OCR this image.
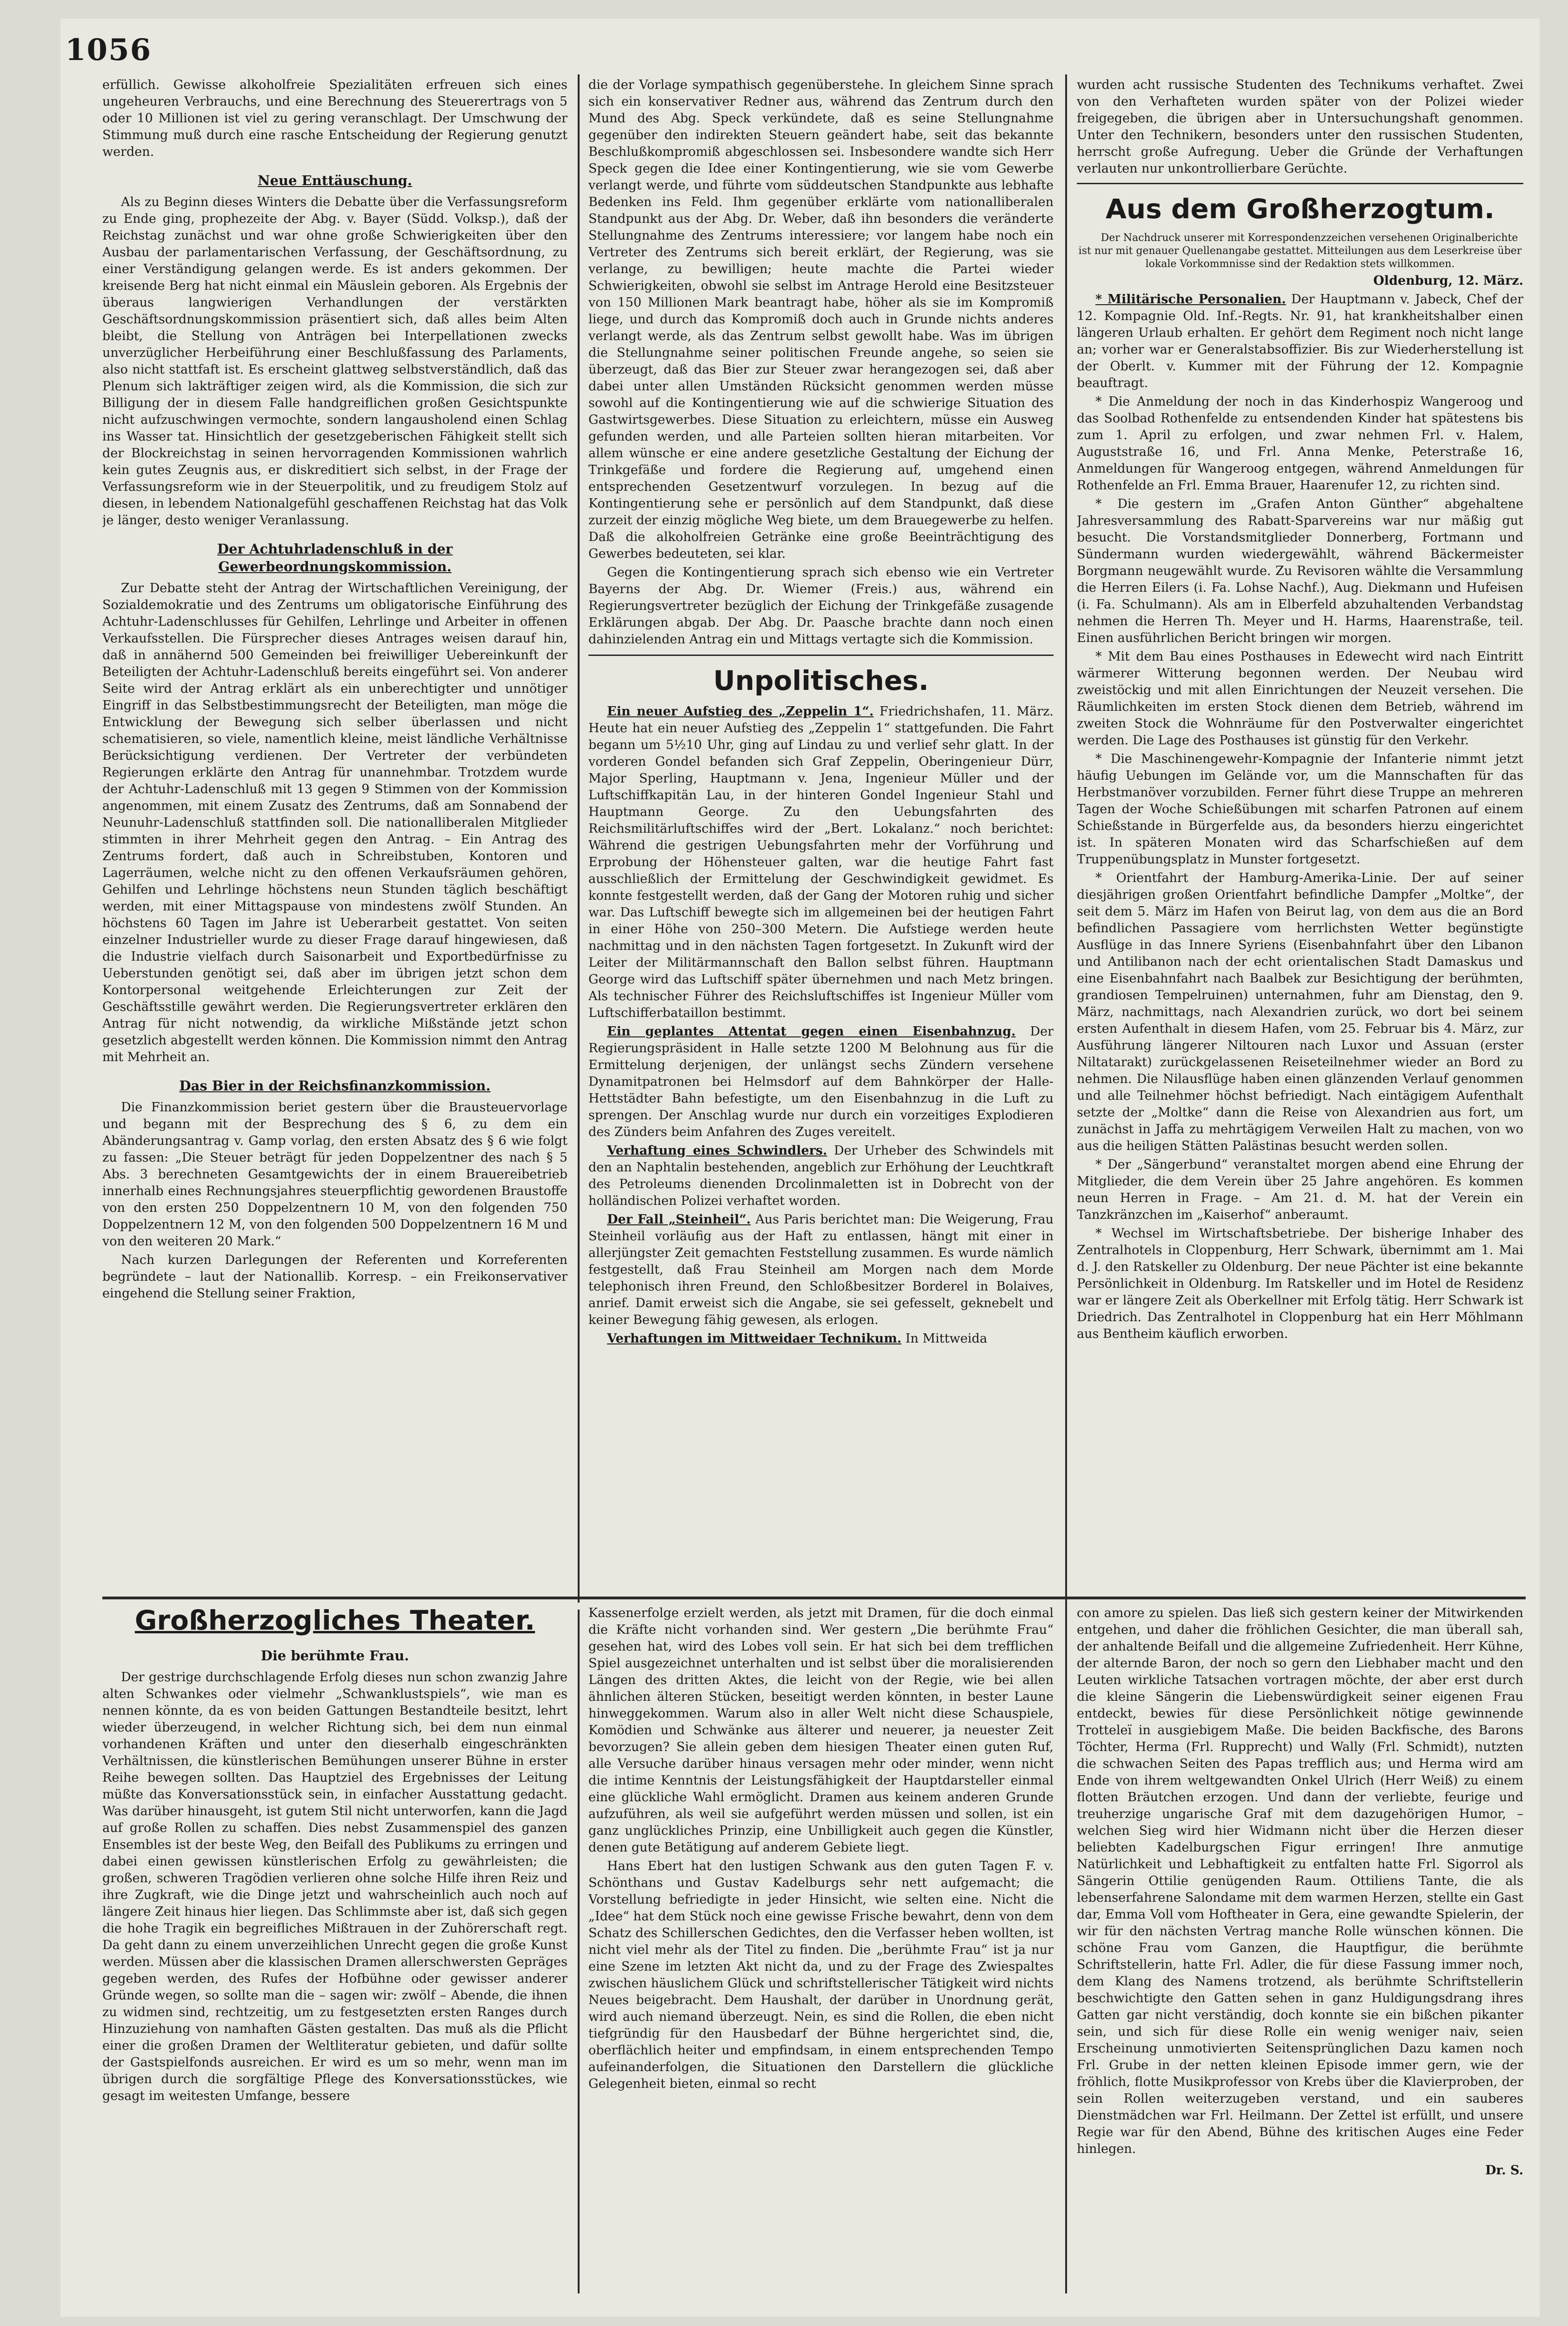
1056

erfüllich. Gewisse alkoholfreie Spezialitäten erfreuen sich eines ungeheuren Verbrauchs, und eine Berechnung des Steuerertrags von 5 oder 10 Millionen ist viel zu gering veranschlagt. Der Umschwung der Stimmung muß durch eine rasche Entscheidung der Regierung genutzt werden.

Neue Enttäuschung.

Als zu Beginn dieses Winters die Debatte über die Verfassungsreform zu Ende ging, prophezeite der Abg. v. Bayer (Südd. Volksp.), daß der Reichstag zunächst und war ohne große Schwierigkeiten über den Ausbau der parlamentarischen Verfassung, der Geschäftsordnung, zu einer Verständigung gelangen werde. Es ist anders gekommen. Der kreisende Berg hat nicht einmal ein Mäuslein geboren. Als Ergebnis der überaus langwierigen Verhandlungen der verstärkten Geschäftsordnungskommission präsentiert sich, daß alles beim Alten bleibt, die Stellung von Anträgen bei Interpellationen zwecks unverzüglicher Herbeiführung einer Beschlußfassung des Parlaments, also nicht stattfaft ist. Es erscheint glattweg selbstverständlich, daß das Plenum sich lakträftiger zeigen wird, als die Kommission, die sich zur Billigung der in diesem Falle handgreiflichen großen Gesichtspunkte nicht aufzuschwingen vermochte, sondern langausholend einen Schlag ins Wasser tat. Hinsichtlich der gesetzgeberischen Fähigkeit stellt sich der Blockreichstag in seinen hervorragenden Kommissionen wahrlich kein gutes Zeugnis aus, er diskreditiert sich selbst, in der Frage der Verfassungsreform wie in der Steuerpolitik, und zu freudigem Stolz auf diesen, in lebendem Nationalgefühl geschaffenen Reichstag hat das Volk je länger, desto weniger Veranlassung.

Der Achtuhrladenschluß in der Gewerbeordnungskommission.

Zur Debatte steht der Antrag der Wirtschaftlichen Vereinigung, der Sozialdemokratie und des Zentrums um obligatorische Einführung des Achtuhr-Ladenschlusses für Gehilfen, Lehrlinge und Arbeiter in offenen Verkaufsstellen. Die Fürsprecher dieses Antrages weisen darauf hin, daß in annähernd 500 Gemeinden bei freiwilliger Uebereinkunft der Beteiligten der Achtuhr-Ladenschluß bereits eingeführt sei. Von anderer Seite wird der Antrag erklärt als ein unberechtigter und unnötiger Eingriff in das Selbstbestimmungsrecht der Beteiligten, man möge die Entwicklung der Bewegung sich selber überlassen und nicht schematisieren, so viele, namentlich kleine, meist ländliche Verhältnisse Berücksichtigung verdienen. Der Vertreter der verbündeten Regierungen erklärte den Antrag für unannehmbar. Trotzdem wurde der Achtuhr-Ladenschluß mit 13 gegen 9 Stimmen von der Kommission angenommen, mit einem Zusatz des Zentrums, daß am Sonnabend der Neunuhr-Ladenschluß stattfinden soll. Die nationalliberalen Mitglieder stimmten in ihrer Mehrheit gegen den Antrag. – Ein Antrag des Zentrums fordert, daß auch in Schreibstuben, Kontoren und Lagerräumen, welche nicht zu den offenen Verkaufsräumen gehören, Gehilfen und Lehrlinge höchstens neun Stunden täglich beschäftigt werden, mit einer Mittagspause von mindestens zwölf Stunden. An höchstens 60 Tagen im Jahre ist Ueberarbeit gestattet. Von seiten einzelner Industrieller wurde zu dieser Frage darauf hingewiesen, daß die Industrie vielfach durch Saisonarbeit und Exportbedürfnisse zu Ueberstunden genötigt sei, daß aber im übrigen jetzt schon dem Kontorpersonal weitgehende Erleichterungen zur Zeit der Geschäftsstille gewährt werden. Die Regierungsvertreter erklären den Antrag für nicht notwendig, da wirkliche Mißstände jetzt schon gesetzlich abgestellt werden können. Die Kommission nimmt den Antrag mit Mehrheit an.

Das Bier in der Reichsfinanzkommission.

Die Finanzkommission beriet gestern über die Brausteuervorlage und begann mit der Besprechung des § 6, zu dem ein Abänderungsantrag v. Gamp vorlag, den ersten Absatz des § 6 wie folgt zu fassen: „Die Steuer beträgt für jeden Doppelzentner des nach § 5 Abs. 3 berechneten Gesamtgewichts der in einem Brauereibetrieb innerhalb eines Rechnungsjahres steuerpflichtig gewordenen Braustoffe von den ersten 250 Doppelzentnern 10 M, von den folgenden 750 Doppelzentnern 12 M, von den folgenden 500 Doppelzentnern 16 M und von den weiteren 20 Mark.“

Nach kurzen Darlegungen der Referenten und Korreferenten begründete – laut der Nationallib. Korresp. – ein Freikonservativer eingehend die Stellung seiner Fraktion,

die der Vorlage sympathisch gegenüberstehe. In gleichem Sinne sprach sich ein konservativer Redner aus, während das Zentrum durch den Mund des Abg. Speck verkündete, daß es seine Stellungnahme gegenüber den indirekten Steuern geändert habe, seit das bekannte Beschlußkompromiß abgeschlossen sei. Insbesondere wandte sich Herr Speck gegen die Idee einer Kontingentierung, wie sie vom Gewerbe verlangt werde, und führte vom süddeutschen Standpunkte aus lebhafte Bedenken ins Feld. Ihm gegenüber erklärte vom nationalliberalen Standpunkt aus der Abg. Dr. Weber, daß ihn besonders die veränderte Stellungnahme des Zentrums interessiere; vor langem habe noch ein Vertreter des Zentrums sich bereit erklärt, der Regierung, was sie verlange, zu bewilligen; heute machte die Partei wieder Schwierigkeiten, obwohl sie selbst im Antrage Herold eine Besitzsteuer von 150 Millionen Mark beantragt habe, höher als sie im Kompromiß liege, und durch das Kompromiß doch auch in Grunde nichts anderes verlangt werde, als das Zentrum selbst gewollt habe. Was im übrigen die Stellungnahme seiner politischen Freunde angehe, so seien sie überzeugt, daß das Bier zur Steuer zwar herangezogen sei, daß aber dabei unter allen Umständen Rücksicht genommen werden müsse sowohl auf die Kontingentierung wie auf die schwierige Situation des Gastwirtsgewerbes. Diese Situation zu erleichtern, müsse ein Ausweg gefunden werden, und alle Parteien sollten hieran mitarbeiten. Vor allem wünsche er eine andere gesetzliche Gestaltung der Eichung der Trinkgefäße und fordere die Regierung auf, umgehend einen entsprechenden Gesetzentwurf vorzulegen. In bezug auf die Kontingentierung sehe er persönlich auf dem Standpunkt, daß diese zurzeit der einzig mögliche Weg biete, um dem Brauegewerbe zu helfen. Daß die alkoholfreien Getränke eine große Beeinträchtigung des Gewerbes bedeuteten, sei klar.

Gegen die Kontingentierung sprach sich ebenso wie ein Vertreter Bayerns der Abg. Dr. Wiemer (Freis.) aus, während ein Regierungsvertreter bezüglich der Eichung der Trinkgefäße zusagende Erklärungen abgab. Der Abg. Dr. Paasche brachte dann noch einen dahinzielenden Antrag ein und Mittags vertagte sich die Kommission.

Unpolitisches.

Ein neuer Aufstieg des „Zeppelin 1“. Friedrichshafen, 11. März. Heute hat ein neuer Aufstieg des „Zeppelin 1“ stattgefunden. Die Fahrt begann um 5½10 Uhr, ging auf Lindau zu und verlief sehr glatt. In der vorderen Gondel befanden sich Graf Zeppelin, Oberingenieur Dürr, Major Sperling, Hauptmann v. Jena, Ingenieur Müller und der Luftschiffkapitän Lau, in der hinteren Gondel Ingenieur Stahl und Hauptmann George. Zu den Uebungsfahrten des Reichsmilitärluftschiffes wird der „Bert. Lokalanz.“ noch berichtet: Während die gestrigen Uebungsfahrten mehr der Vorführung und Erprobung der Höhensteuer galten, war die heutige Fahrt fast ausschließlich der Ermittelung der Geschwindigkeit gewidmet. Es konnte festgestellt werden, daß der Gang der Motoren ruhig und sicher war. Das Luftschiff bewegte sich im allgemeinen bei der heutigen Fahrt in einer Höhe von 250–300 Metern. Die Aufstiege werden heute nachmittag und in den nächsten Tagen fortgesetzt. In Zukunft wird der Leiter der Militärmannschaft den Ballon selbst führen. Hauptmann George wird das Luftschiff später übernehmen und nach Metz bringen. Als technischer Führer des Reichsluftschiffes ist Ingenieur Müller vom Luftschifferbataillon bestimmt.

Ein geplantes Attentat gegen einen Eisenbahnzug. Der Regierungspräsident in Halle setzte 1200 M Belohnung aus für die Ermittelung derjenigen, der unlängst sechs Zündern versehene Dynamitpatronen bei Helmsdorf auf dem Bahnkörper der Halle-Hettstädter Bahn befestigte, um den Eisenbahnzug in die Luft zu sprengen. Der Anschlag wurde nur durch ein vorzeitiges Explodieren des Zünders beim Anfahren des Zuges vereitelt.

Verhaftung eines Schwindlers. Der Urheber des Schwindels mit den an Naphtalin bestehenden, angeblich zur Erhöhung der Leuchtkraft des Petroleums dienenden Drcolinmaletten ist in Dobrecht von der holländischen Polizei verhaftet worden.

Der Fall „Steinheil“. Aus Paris berichtet man: Die Weigerung, Frau Steinheil vorläufig aus der Haft zu entlassen, hängt mit einer in allerjüngster Zeit gemachten Feststellung zusammen. Es wurde nämlich festgestellt, daß Frau Steinheil am Morgen nach dem Morde telephonisch ihren Freund, den Schloßbesitzer Borderel in Bolaives, anrief. Damit erweist sich die Angabe, sie sei gefesselt, geknebelt und keiner Bewegung fähig gewesen, als erlogen.

Verhaftungen im Mittweidaer Technikum. In Mittweida

wurden acht russische Studenten des Technikums verhaftet. Zwei von den Verhafteten wurden später von der Polizei wieder freigegeben, die übrigen aber in Untersuchungshaft genommen. Unter den Technikern, besonders unter den russischen Studenten, herrscht große Aufregung. Ueber die Gründe der Verhaftungen verlauten nur unkontrollierbare Gerüchte.

Aus dem Großherzogtum.

Der Nachdruck unserer mit Korrespondenzzeichen versehenen Originalberichte ist nur mit genauer Quellenangabe gestattet. Mitteilungen aus dem Leserkreise über lokale Vorkommnisse sind der Redaktion stets willkommen.

Oldenburg, 12. März.

* Militärische Personalien. Der Hauptmann v. Jabeck, Chef der 12. Kompagnie Old. Inf.-Regts. Nr. 91, hat krankheitshalber einen längeren Urlaub erhalten. Er gehört dem Regiment noch nicht lange an; vorher war er Generalstabsoffizier. Bis zur Wiederherstellung ist der Oberlt. v. Kummer mit der Führung der 12. Kompagnie beauftragt.

* Die Anmeldung der noch in das Kinderhospiz Wangeroog und das Soolbad Rothenfelde zu entsendenden Kinder hat spätestens bis zum 1. April zu erfolgen, und zwar nehmen Frl. v. Halem, Auguststraße 16, und Frl. Anna Menke, Peterstraße 16, Anmeldungen für Wangeroog entgegen, während Anmeldungen für Rothenfelde an Frl. Emma Brauer, Haarenufer 12, zu richten sind.

* Die gestern im „Grafen Anton Günther“ abgehaltene Jahresversammlung des Rabatt-Sparvereins war nur mäßig gut besucht. Die Vorstandsmitglieder Donnerberg, Fortmann und Sündermann wurden wiedergewählt, während Bäckermeister Borgmann neugewählt wurde. Zu Revisoren wählte die Versammlung die Herren Eilers (i. Fa. Lohse Nachf.), Aug. Diekmann und Hufeisen (i. Fa. Schulmann). Als am in Elberfeld abzuhaltenden Verbandstag nehmen die Herren Th. Meyer und H. Harms, Haarenstraße, teil. Einen ausführlichen Bericht bringen wir morgen.

* Mit dem Bau eines Posthauses in Edewecht wird nach Eintritt wärmerer Witterung begonnen werden. Der Neubau wird zweistöckig und mit allen Einrichtungen der Neuzeit versehen. Die Räumlichkeiten im ersten Stock dienen dem Betrieb, während im zweiten Stock die Wohnräume für den Postverwalter eingerichtet werden. Die Lage des Posthauses ist günstig für den Verkehr.

* Die Maschinengewehr-Kompagnie der Infanterie nimmt jetzt häufig Uebungen im Gelände vor, um die Mannschaften für das Herbstmanöver vorzubilden. Ferner führt diese Truppe an mehreren Tagen der Woche Schießübungen mit scharfen Patronen auf einem Schießstande in Bürgerfelde aus, da besonders hierzu eingerichtet ist. In späteren Monaten wird das Scharfschießen auf dem Truppenübungsplatz in Munster fortgesetzt.

* Orientfahrt der Hamburg-Amerika-Linie. Der auf seiner diesjährigen großen Orientfahrt befindliche Dampfer „Moltke“, der seit dem 5. März im Hafen von Beirut lag, von dem aus die an Bord befindlichen Passagiere vom herrlichsten Wetter begünstigte Ausflüge in das Innere Syriens (Eisenbahnfahrt über den Libanon und Antilibanon nach der echt orientalischen Stadt Damaskus und eine Eisenbahnfahrt nach Baalbek zur Besichtigung der berühmten, grandiosen Tempelruinen) unternahmen, fuhr am Dienstag, den 9. März, nachmittags, nach Alexandrien zurück, wo dort bei seinem ersten Aufenthalt in diesem Hafen, vom 25. Februar bis 4. März, zur Ausführung längerer Niltouren nach Luxor und Assuan (erster Niltatarakt) zurückgelassenen Reiseteilnehmer wieder an Bord zu nehmen. Die Nilausflüge haben einen glänzenden Verlauf genommen und alle Teilnehmer höchst befriedigt. Nach eintägigem Aufenthalt setzte der „Moltke“ dann die Reise von Alexandrien aus fort, um zunächst in Jaffa zu mehrtägigem Verweilen Halt zu machen, von wo aus die heiligen Stätten Palästinas besucht werden sollen.

* Der „Sängerbund“ veranstaltet morgen abend eine Ehrung der Mitglieder, die dem Verein über 25 Jahre angehören. Es kommen neun Herren in Frage. – Am 21. d. M. hat der Verein ein Tanzkränzchen im „Kaiserhof“ anberaumt.

* Wechsel im Wirtschaftsbetriebe. Der bisherige Inhaber des Zentralhotels in Cloppenburg, Herr Schwark, übernimmt am 1. Mai d. J. den Ratskeller zu Oldenburg. Der neue Pächter ist eine bekannte Persönlichkeit in Oldenburg. Im Ratskeller und im Hotel de Residenz war er längere Zeit als Oberkellner mit Erfolg tätig. Herr Schwark ist Driedrich. Das Zentralhotel in Cloppenburg hat ein Herr Möhlmann aus Bentheim käuflich erworben.

Großherzogliches Theater.
Die berühmte Frau.

Der gestrige durchschlagende Erfolg dieses nun schon zwanzig Jahre alten Schwankes oder vielmehr „Schwanklustspiels“, wie man es nennen könnte, da es von beiden Gattungen Bestandteile besitzt, lehrt wieder überzeugend, in welcher Richtung sich, bei dem nun einmal vorhandenen Kräften und unter den dieserhalb eingeschränkten Verhältnissen, die künstlerischen Bemühungen unserer Bühne in erster Reihe bewegen sollten. Das Hauptziel des Ergebnisses der Leitung müßte das Konversationsstück sein, in einfacher Ausstattung gedacht. Was darüber hinausgeht, ist gutem Stil nicht unterworfen, kann die Jagd auf große Rollen zu schaffen. Dies nebst Zusammenspiel des ganzen Ensembles ist der beste Weg, den Beifall des Publikums zu erringen und dabei einen gewissen künstlerischen Erfolg zu gewährleisten; die großen, schweren Tragödien verlieren ohne solche Hilfe ihren Reiz und ihre Zugkraft, wie die Dinge jetzt und wahrscheinlich auch noch auf längere Zeit hinaus hier liegen. Das Schlimmste aber ist, daß sich gegen die hohe Tragik ein begreifliches Mißtrauen in der Zuhörerschaft regt. Da geht dann zu einem unverzeihlichen Unrecht gegen die große Kunst werden. Müssen aber die klassischen Dramen allerschwersten Gepräges gegeben werden, des Rufes der Hofbühne oder gewisser anderer Gründe wegen, so sollte man die – sagen wir: zwölf – Abende, die ihnen zu widmen sind, rechtzeitig, um zu festgesetzten ersten Ranges durch Hinzuziehung von namhaften Gästen gestalten. Das muß als die Pflicht einer die großen Dramen der Weltliteratur gebieten, und dafür sollte der Gastspielfonds ausreichen. Er wird es um so mehr, wenn man im übrigen durch die sorgfältige Pflege des Konversationsstückes, wie gesagt im weitesten Umfange, bessere

Kassenerfolge erzielt werden, als jetzt mit Dramen, für die doch einmal die Kräfte nicht vorhanden sind. Wer gestern „Die berühmte Frau“ gesehen hat, wird des Lobes voll sein. Er hat sich bei dem trefflichen Spiel ausgezeichnet unterhalten und ist selbst über die moralisierenden Längen des dritten Aktes, die leicht von der Regie, wie bei allen ähnlichen älteren Stücken, beseitigt werden könnten, in bester Laune hinweggekommen. Warum also in aller Welt nicht diese Schauspiele, Komödien und Schwänke aus älterer und neuerer, ja neuester Zeit bevorzugen? Sie allein geben dem hiesigen Theater einen guten Ruf, alle Versuche darüber hinaus versagen mehr oder minder, wenn nicht die intime Kenntnis der Leistungsfähigkeit der Hauptdarsteller einmal eine glückliche Wahl ermöglicht. Dramen aus keinem anderen Grunde aufzuführen, als weil sie aufgeführt werden müssen und sollen, ist ein ganz unglückliches Prinzip, eine Unbilligkeit auch gegen die Künstler, denen gute Betätigung auf anderem Gebiete liegt.

Hans Ebert hat den lustigen Schwank aus den guten Tagen F. v. Schönthans und Gustav Kadelburgs sehr nett aufgemacht; die Vorstellung befriedigte in jeder Hinsicht, wie selten eine. Nicht die „Idee“ hat dem Stück noch eine gewisse Frische bewahrt, denn von dem Schatz des Schillerschen Gedichtes, den die Verfasser heben wollten, ist nicht viel mehr als der Titel zu finden. Die „berühmte Frau“ ist ja nur eine Szene im letzten Akt nicht da, und zu der Frage des Zwiespaltes zwischen häuslichem Glück und schriftstellerischer Tätigkeit wird nichts Neues beigebracht. Dem Haushalt, der darüber in Unordnung gerät, wird auch niemand überzeugt. Nein, es sind die Rollen, die eben nicht tiefgründig für den Hausbedarf der Bühne hergerichtet sind, die, oberflächlich heiter und empfindsam, in einem entsprechenden Tempo aufeinanderfolgen, die Situationen den Darstellern die glückliche Gelegenheit bieten, einmal so recht

con amore zu spielen. Das ließ sich gestern keiner der Mitwirkenden entgehen, und daher die fröhlichen Gesichter, die man überall sah, der anhaltende Beifall und die allgemeine Zufriedenheit. Herr Kühne, der alternde Baron, der noch so gern den Liebhaber macht und den Leuten wirkliche Tatsachen vortragen möchte, der aber erst durch die kleine Sängerin die Liebenswürdigkeit seiner eigenen Frau entdeckt, bewies für diese Persönlichkeit nötige gewinnende Trotteleï in ausgiebigem Maße. Die beiden Backfische, des Barons Töchter, Herma (Frl. Rupprecht) und Wally (Frl. Schmidt), nutzten die schwachen Seiten des Papas trefflich aus; und Herma wird am Ende von ihrem weltgewandten Onkel Ulrich (Herr Weiß) zu einem flotten Bräutchen erzogen. Und dann der verliebte, feurige und treuherzige ungarische Graf mit dem dazugehörigen Humor, – welchen Sieg wird hier Widmann nicht über die Herzen dieser beliebten Kadelburgschen Figur erringen! Ihre anmutige Natürlichkeit und Lebhaftigkeit zu entfalten hatte Frl. Sigorrol als Sängerin Ottilie genügenden Raum. Ottiliens Tante, die als lebenserfahrene Salondame mit dem warmen Herzen, stellte ein Gast dar, Emma Voll vom Hoftheater in Gera, eine gewandte Spielerin, der wir für den nächsten Vertrag manche Rolle wünschen können. Die schöne Frau vom Ganzen, die Hauptfigur, die berühmte Schriftstellerin, hatte Frl. Adler, die für diese Fassung immer noch, dem Klang des Namens trotzend, als berühmte Schriftstellerin beschwichtigte den Gatten sehen in ganz Huldigungsdrang ihres Gatten gar nicht verständig, doch konnte sie ein bißchen pikanter sein, und sich für diese Rolle ein wenig weniger naiv, seien Erscheinung unmotivierten Seitensprünglichen Dazu kamen noch Frl. Grube in der netten kleinen Episode immer gern, wie der fröhlich, flotte Musikprofessor von Krebs über die Klavierproben, der sein Rollen weiterzugeben verstand, und ein sauberes Dienstmädchen war Frl. Heilmann. Der Zettel ist erfüllt, und unsere Regie war für den Abend, Bühne des kritischen Auges eine Feder hinlegen.

Dr. S.
